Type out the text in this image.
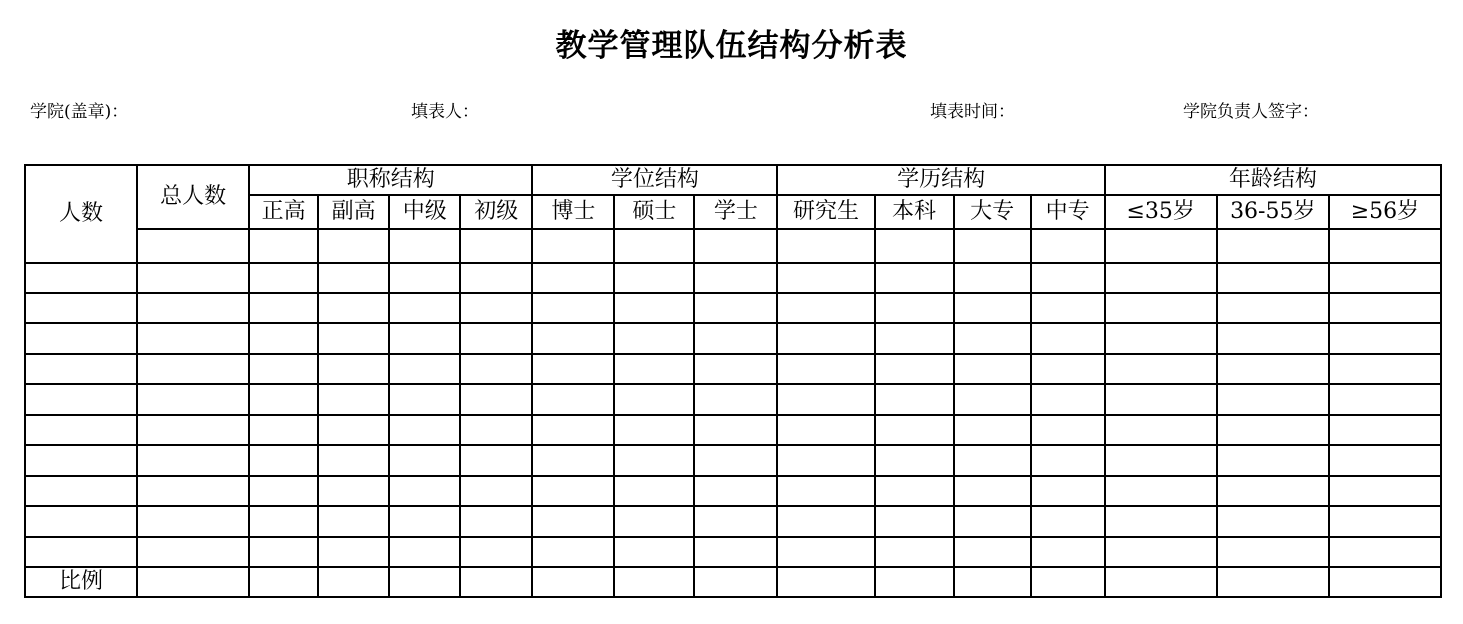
教学管理队伍结构分析表
学院(盖章)：	填表人：	填表时间：	学院负责人签字：
人数	总人数	职称结构				学位结构			学历结构				年龄结构		
		正高	副高	中级	初级	博士	硕士	学士	研究生	本科	大专	中专	≤35岁	36-55岁	≥56岁

比例															
